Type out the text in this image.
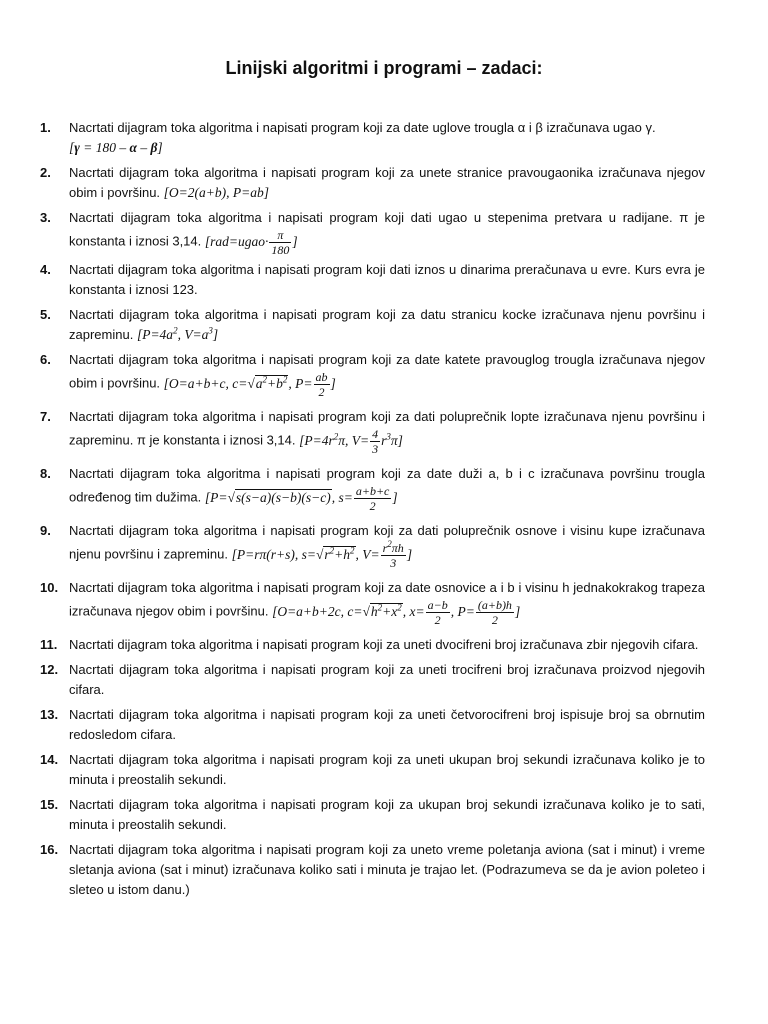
Linijski algoritmi i programi – zadaci:
1. Nacrtati dijagram toka algoritma i napisati program koji za date uglove trougla α i β izračunava ugao γ.
[γ = 180 – α – β]
2. Nacrtati dijagram toka algoritma i napisati program koji za unete stranice pravougaonika izračunava njegov obim i površinu. [O=2(a+b), P=ab]
3. Nacrtati dijagram toka algoritma i napisati program koji dati ugao u stepenima pretvara u radijane. π je konstanta i iznosi 3,14. [rad=ugao· $\frac{\pi}{180}$ ]
4. Nacrtati dijagram toka algoritma i napisati program koji dati iznos u dinarima preračunava u evre. Kurs evra je konstanta i iznosi 123.
5. Nacrtati dijagram toka algoritma i napisati program koji za datu stranicu kocke izračunava njenu površinu i zapreminu. [$P=4a^2$, $V=a^3$]
6. Nacrtati dijagram toka algoritma i napisati program koji za date katete pravouglog trougla izračunava njegov obim i površinu. [O=a+b+c, $c=√a^2+b^2$, $P= \frac{ab}{2}$ ]
7. Nacrtati dijagram toka algoritma i napisati program koji za dati poluprečnik lopte izračunava njenu površinu i zapreminu. π je konstanta i iznosi 3,14. [$P=4r^2\pi$, $V= \frac{4}{3} r^3\pi$]
8. Nacrtati dijagram toka algoritma i napisati program koji za date duži a, b i c izračunava površinu trougla određenog tim dužima. [P=√s(s−a)(s−b)(s−c), $s= \frac{a+b+c}{2}$ ]
9. Nacrtati dijagram toka algoritma i napisati program koji za dati poluprečnik osnove i visinu kupe izračunava njenu površinu i zapreminu. [P=rπ(r+s), $s=√r^2+h^2$, $V= \frac{r^2\pi h}{3}$ ]
10. Nacrtati dijagram toka algoritma i napisati program koji za date osnovice a i b i visinu h jednakokrakog trapeza izračunava njegov obim i površinu. [O=a+b+2c, $c=√h^2+x^2$, $x= \frac{a-b}{2}$ , $P= \frac{(a+b)h}{2}$ ]
11. Nacrtati dijagram toka algoritma i napisati program koji za uneti dvocifreni broj izračunava zbir njegovih cifara.
12. Nacrtati dijagram toka algoritma i napisati program koji za uneti trocifreni broj izračunava proizvod njegovih cifara.
13. Nacrtati dijagram toka algoritma i napisati program koji za uneti četvorocifreni broj ispisuje broj sa obrnutim redosledom cifara.
14. Nacrtati dijagram toka algoritma i napisati program koji za uneti ukupan broj sekundi izračunava koliko je to minuta i preostalih sekundi.
15. Nacrtati dijagram toka algoritma i napisati program koji za ukupan broj sekundi izračunava koliko je to sati, minuta i preostalih sekundi.
16. Nacrtati dijagram toka algoritma i napisati program koji za uneto vreme poletanja aviona (sat i minut) i vreme sletanja aviona (sat i minut) izračunava koliko sati i minuta je trajao let. (Podrazumeva se da je avion poleteo i sleteo u istom danu.)
